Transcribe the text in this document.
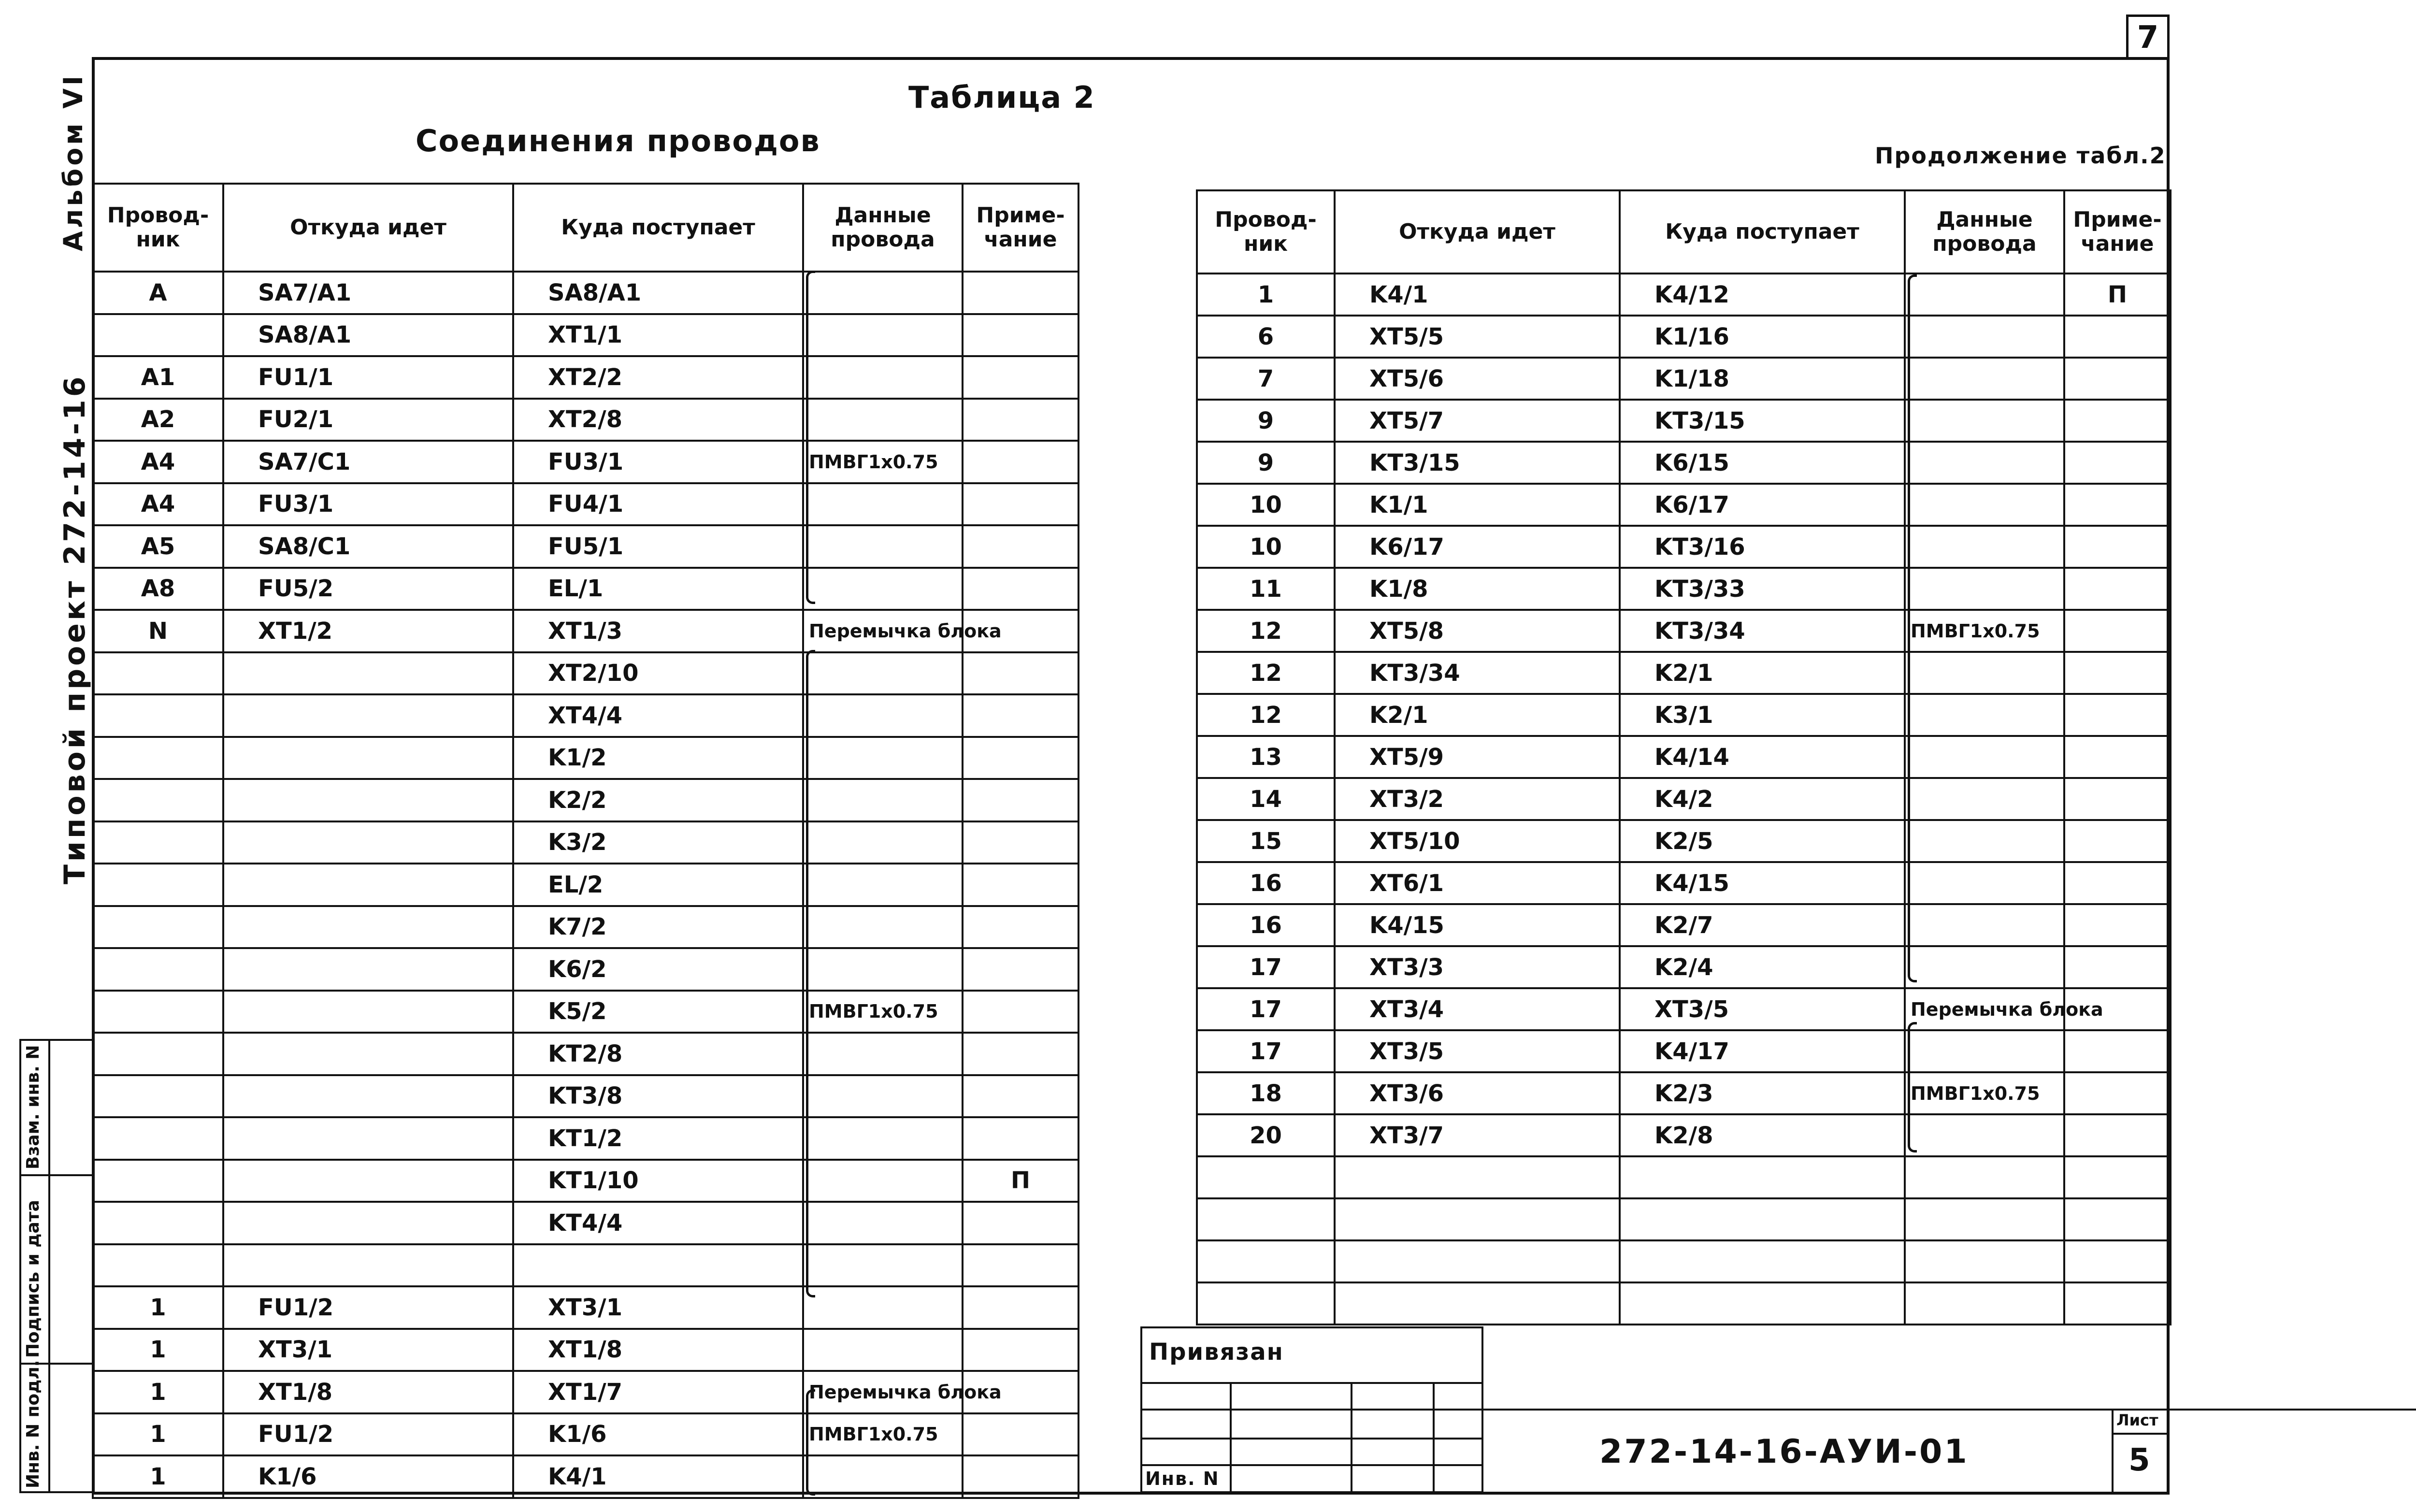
7
Альбом VI
Типовой проект 272-14-16
Взам. инв. N
Подпись и дата
Инв. N подл.
Таблица 2
Соединения проводов	Продолжение табл.2
Провод-ник	Откуда идет	Куда поступает	Данные провода	Приме-чание
A	SA7/A1	SA8/A1		
	SA8/A1	XT1/1		
A1	FU1/1	XT2/2		
A2	FU2/1	XT2/8		
A4	SA7/C1	FU3/1	ПМВГ1х0.75	
A4	FU3/1	FU4/1		
A5	SA8/C1	FU5/1		
A8	FU5/2	EL/1		
N	XT1/2	XT1/3	Перемычка блока	
		XT2/10		
		XT4/4		
		K1/2		
		K2/2		
		K3/2		
		EL/2		
		K7/2		
		K6/2		
		K5/2	ПМВГ1х0.75	
		KT2/8		
		KT3/8		
		KT1/2		
		KT1/10		П
		KT4/4		

1	FU1/2	XT3/1		
1	XT3/1	XT1/8		
1	XT1/8	XT1/7	Перемычка блока	
1	FU1/2	K1/6	ПМВГ1х0.75	
1	K1/6	K4/1		
Провод-ник	Откуда идет	Куда поступает	Данные провода	Приме-чание
1	K4/1	K4/12		П
6	XT5/5	K1/16		
7	XT5/6	K1/18		
9	XT5/7	KT3/15		
9	KT3/15	K6/15		
10	K1/1	K6/17		
10	K6/17	KT3/16		
11	K1/8	KT3/33		
12	XT5/8	KT3/34	ПМВГ1х0.75	
12	KT3/34	K2/1		
12	K2/1	K3/1		
13	XT5/9	K4/14		
14	XT3/2	K4/2		
15	XT5/10	K2/5		
16	XT6/1	K4/15		
16	K4/15	K2/7		
17	XT3/3	K2/4		
17	XT3/4	XT3/5	Перемычка блока	
17	XT3/5	K4/17		
18	XT3/6	K2/3	ПМВГ1х0.75	
20	XT3/7	K2/8		

Привязан
Инв. N
272-14-16-АУИ-01
Лист
5
